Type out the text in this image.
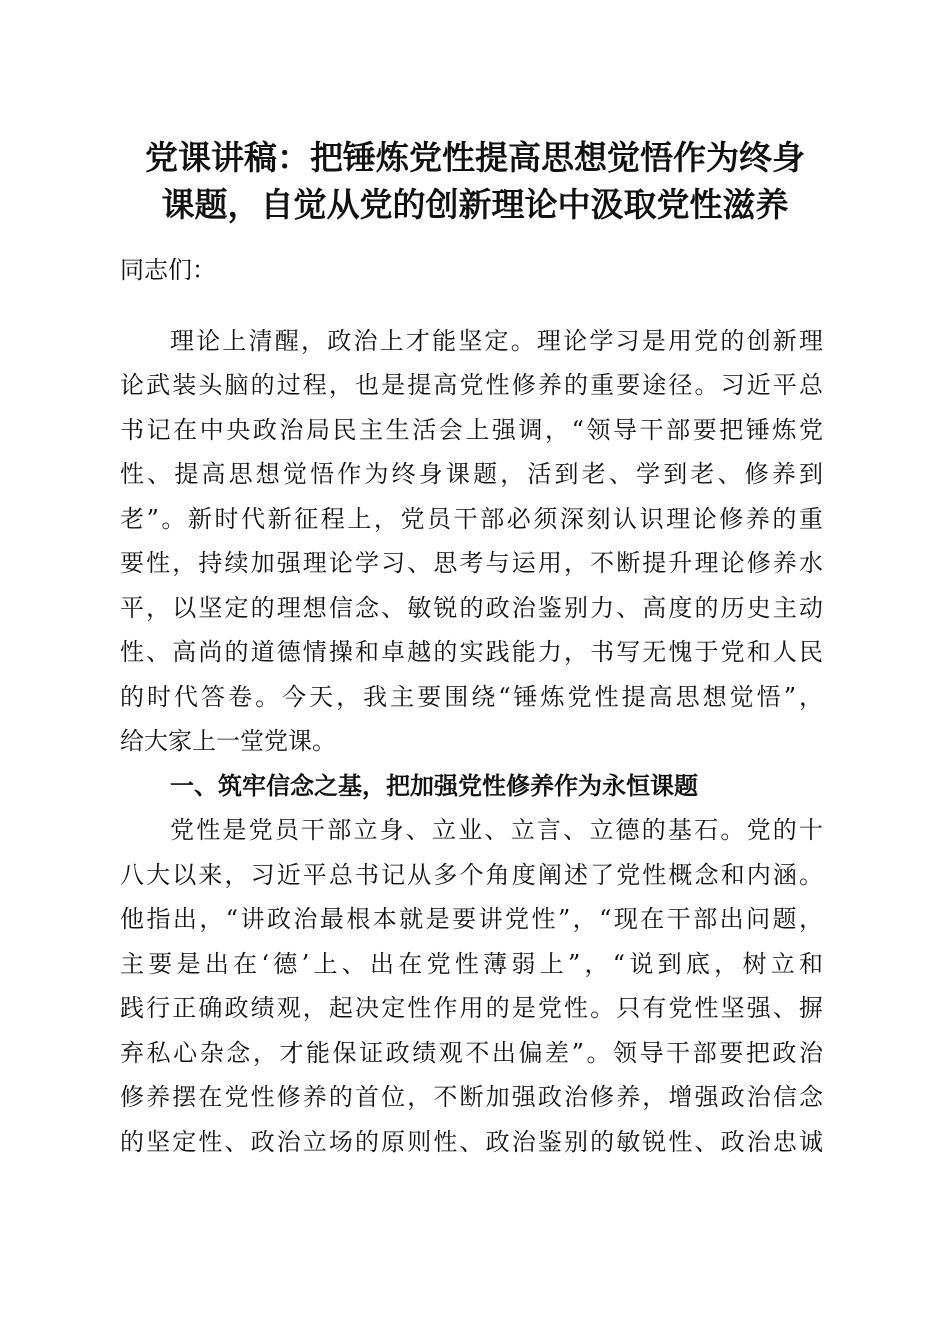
党课讲稿：把锤炼党性提高思想觉悟作为终身
课题，自觉从党的创新理论中汲取党性滋养
同志们：
理论上清醒，政治上才能坚定。理论学习是用党的创新理
论武装头脑的过程，也是提高党性修养的重要途径。习近平总
书记在中央政治局民主生活会上强调，“领导干部要把锤炼党
性、提高思想觉悟作为终身课题，活到老、学到老、修养到
老”。新时代新征程上，党员干部必须深刻认识理论修养的重
要性，持续加强理论学习、思考与运用，不断提升理论修养水
平，以坚定的理想信念、敏锐的政治鉴别力、高度的历史主动
性、高尚的道德情操和卓越的实践能力，书写无愧于党和人民
的时代答卷。今天，我主要围绕“锤炼党性提高思想觉悟”，
给大家上一堂党课。
一、筑牢信念之基，把加强党性修养作为永恒课题
党性是党员干部立身、立业、立言、立德的基石。党的十
八大以来，习近平总书记从多个角度阐述了党性概念和内涵。
他指出，“讲政治最根本就是要讲党性”，“现在干部出问题，
主要是出在‘德’上、出在党性薄弱上”，“说到底，树立和
践行正确政绩观，起决定性作用的是党性。只有党性坚强、摒
弃私心杂念，才能保证政绩观不出偏差”。领导干部要把政治
修养摆在党性修养的首位，不断加强政治修养，增强政治信念
的坚定性、政治立场的原则性、政治鉴别的敏锐性、政治忠诚
